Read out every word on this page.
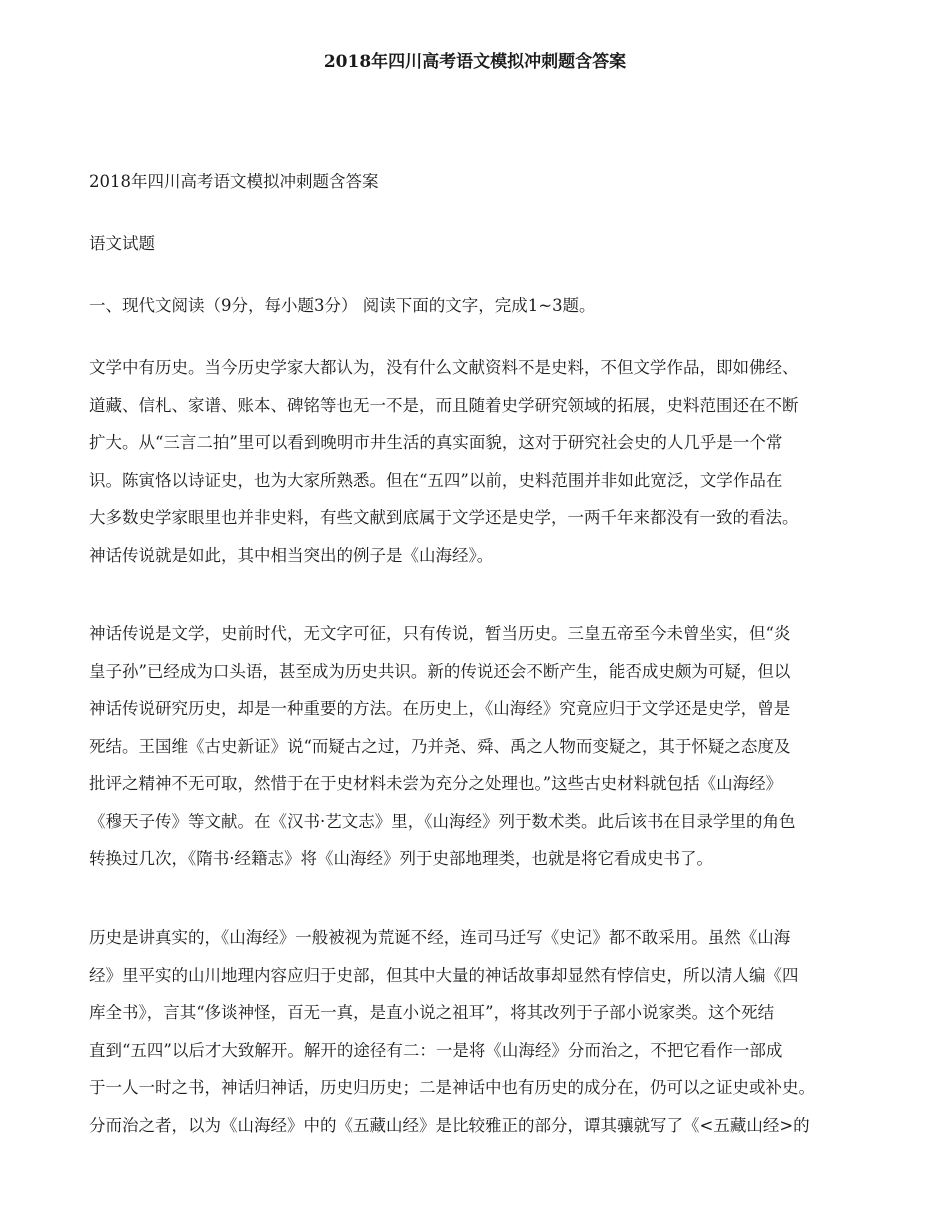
2018年四川高考语文模拟冲刺题含答案
2018年四川高考语文模拟冲刺题含答案
语文试题
一、现代文阅读（9分，每小题3分） 阅读下面的文字，完成1~3题。
文学中有历史。当今历史学家大都认为，没有什么文献资料不是史料，不但文学作品，即如佛经、
道藏、信札、家谱、账本、碑铭等也无一不是，而且随着史学研究领域的拓展，史料范围还在不断
扩大。从“三言二拍”里可以看到晚明市井生活的真实面貌，这对于研究社会史的人几乎是一个常
识。陈寅恪以诗证史，也为大家所熟悉。但在“五四”以前，史料范围并非如此宽泛，文学作品在
大多数史学家眼里也并非史料，有些文献到底属于文学还是史学，一两千年来都没有一致的看法。
神话传说就是如此，其中相当突出的例子是《山海经》。
神话传说是文学，史前时代，无文字可征，只有传说，暂当历史。三皇五帝至今未曾坐实，但“炎
皇子孙”已经成为口头语，甚至成为历史共识。新的传说还会不断产生，能否成史颇为可疑，但以
神话传说研究历史，却是一种重要的方法。在历史上，《山海经》究竟应归于文学还是史学，曾是
死结。王国维《古史新证》说“而疑古之过，乃并尧、舜、禹之人物而变疑之，其于怀疑之态度及
批评之精神不无可取，然惜于在于史材料未尝为充分之处理也。”这些古史材料就包括《山海经》
《穆天子传》等文献。在《汉书·艺文志》里，《山海经》列于数术类。此后该书在目录学里的角色
转换过几次，《隋书·经籍志》将《山海经》列于史部地理类，也就是将它看成史书了。
历史是讲真实的，《山海经》一般被视为荒诞不经，连司马迁写《史记》都不敢采用。虽然《山海
经》里平实的山川地理内容应归于史部，但其中大量的神话故事却显然有悖信史，所以清人编《四
库全书》，言其“侈谈神怪，百无一真，是直小说之祖耳”，将其改列于子部小说家类。这个死结
直到“五四”以后才大致解开。解开的途径有二：一是将《山海经》分而治之，不把它看作一部成
于一人一时之书，神话归神话，历史归历史；二是神话中也有历史的成分在，仍可以之证史或补史。
分而治之者，以为《山海经》中的《五藏山经》是比较雅正的部分，谭其骧就写了《<五藏山经>的
